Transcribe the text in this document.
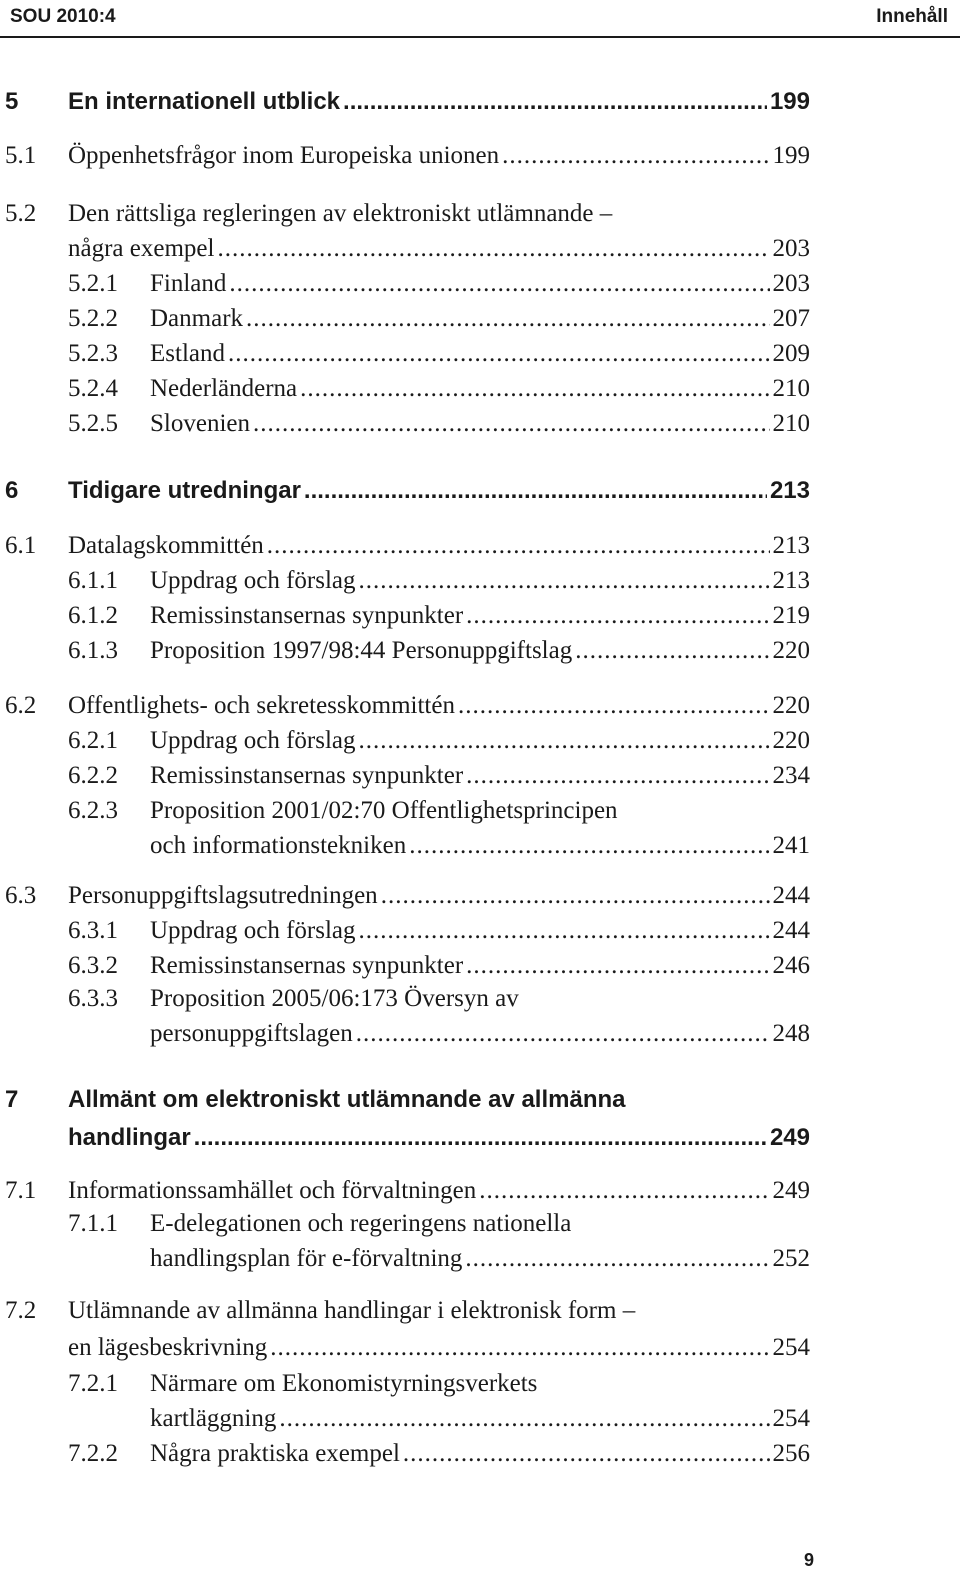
SOU 2010:4	Innehåll
5 En internationell utblick .....	199
5.1 Öppenhetsfrågor inom Europeiska unionen .....	199
5.2 Den rättsliga regleringen av elektroniskt utlämnande –
några exempel .....	203
5.2.1 Finland .....	203
5.2.2 Danmark .....	207
5.2.3 Estland .....	209
5.2.4 Nederländerna .....	210
5.2.5 Slovenien .....	210
6 Tidigare utredningar .....	213
6.1 Datalagskommittén .....	213
6.1.1 Uppdrag och förslag .....	213
6.1.2 Remissinstansernas synpunkter .....	219
6.1.3 Proposition 1997/98:44 Personuppgiftslag .....	220
6.2 Offentlighets- och sekretesskommittén .....	220
6.2.1 Uppdrag och förslag .....	220
6.2.2 Remissinstansernas synpunkter .....	234
6.2.3 Proposition 2001/02:70 Offentlighetsprincipen
och informationstekniken .....	241
6.3 Personuppgiftslagsutredningen .....	244
6.3.1 Uppdrag och förslag .....	244
6.3.2 Remissinstansernas synpunkter .....	246
6.3.3 Proposition 2005/06:173 Översyn av
personuppgiftslagen .....	248
7 Allmänt om elektroniskt utlämnande av allmänna
handlingar .....	249
7.1 Informationssamhället och förvaltningen .....	249
7.1.1 E-delegationen och regeringens nationella
handlingsplan för e-förvaltning .....	252
7.2 Utlämnande av allmänna handlingar i elektronisk form –
en lägesbeskrivning .....	254
7.2.1 Närmare om Ekonomistyrningsverkets
kartläggning .....	254
7.2.2 Några praktiska exempel .....	256
9
